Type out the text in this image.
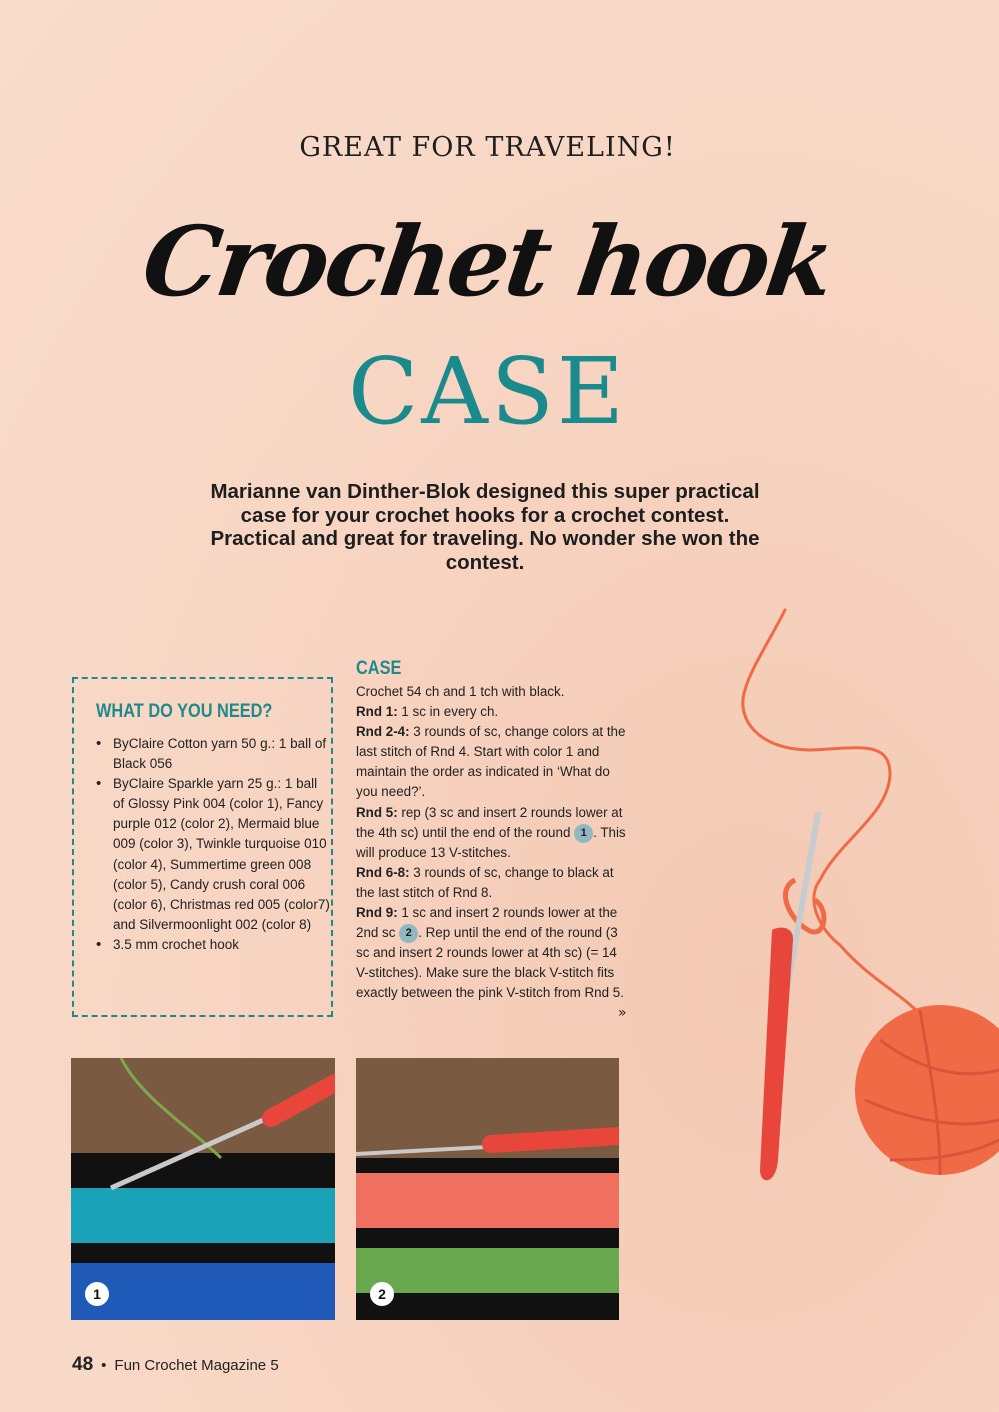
GREAT FOR TRAVELING!
Crochet hook
CASE
Marianne van Dinther-Blok designed this super practical case for your crochet hooks for a crochet contest. Practical and great for traveling. No wonder she won the contest.
WHAT DO YOU NEED?
• ByClaire Cotton yarn 50 g.: 1 ball of Black 056
• ByClaire Sparkle yarn 25 g.: 1 ball of Glossy Pink 004 (color 1), Fancy purple 012 (color 2), Mermaid blue 009 (color 3), Twinkle turquoise 010 (color 4), Summertime green 008 (color 5), Candy crush coral 006 (color 6), Christmas red 005 (color7) and Silvermoonlight 002 (color 8)
• 3.5 mm crochet hook
CASE

Crochet 54 ch and 1 tch with black.

Rnd 1: 1 sc in every ch.

Rnd 2-4: 3 rounds of sc, change colors at the last stitch of Rnd 4. Start with color 1 and maintain the order as indicated in ‘What do you need?’.

Rnd 5: rep (3 sc and insert 2 rounds lower at the 4th sc) until the end of the round 1 . This will produce 13 V-stitches.

Rnd 6-8: 3 rounds of sc, change to black at the last stitch of Rnd 8.

Rnd 9: 1 sc and insert 2 rounds lower at the 2nd sc 2 . Rep until the end of the round (3 sc and insert 2 rounds lower at 4th sc) (= 14 V-stitches). Make sure the black V-stitch fits exactly between the pink V-stitch from Rnd 5.

»
1	2
48 • Fun Crochet Magazine 5
